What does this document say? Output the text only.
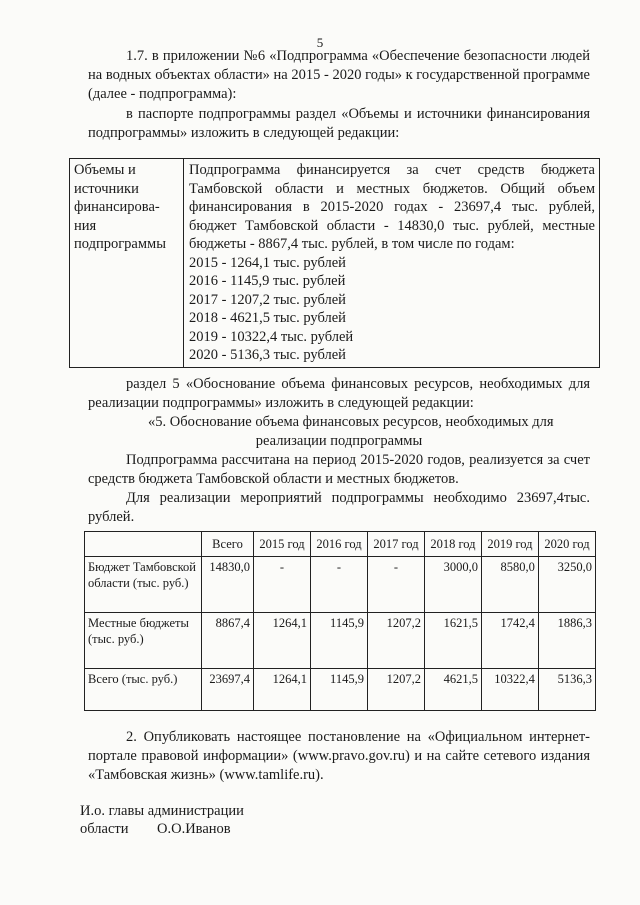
5
1.7. в приложении №6 «Подпрограмма «Обеспечение безопасности людей на водных объектах области» на 2015 - 2020 годы» к государственной программе (далее - подпрограмма):
в паспорте подпрограммы раздел «Объемы и источники финансирования подпрограммы» изложить в следующей редакции:
Объемы и источники финансирова-ния подпрограммы	
Подпрограмма финансируется за счет средств бюджета Тамбовской области и местных бюджетов. Общий объем финансирования в 2015-2020 годах - 23697,4 тыс. рублей, бюджет Тамбовской области - 14830,0 тыс. рублей, местные бюджеты - 8867,4 тыс. рублей, в том числе по годам:
2015 - 1264,1 тыс. рублей
2016 - 1145,9 тыс. рублей
2017 - 1207,2 тыс. рублей
2018 - 4621,5 тыс. рублей
2019 - 10322,4 тыс. рублей
2020 - 5136,3 тыс. рублей
раздел 5 «Обоснование объема финансовых ресурсов, необходимых для реализации подпрограммы» изложить в следующей редакции:
«5. Обоснование объема финансовых ресурсов, необходимых для
реализации подпрограммы
Подпрограмма рассчитана на период 2015-2020 годов, реализуется за счет средств бюджета Тамбовской области и местных бюджетов.
Для реализации мероприятий подпрограммы необходимо 23697,4тыс. рублей.
	Всего	2015 год	2016 год	2017 год	2018 год	2019 год	2020 год
Бюджет Тамбовской области (тыс. руб.)	14830,0	-	-	-	3000,0	8580,0	3250,0
Местные бюджеты (тыс. руб.)	8867,4	1264,1	1145,9	1207,2	1621,5	1742,4	1886,3
Всего (тыс. руб.)	23697,4	1264,1	1145,9	1207,2	4621,5	10322,4	5136,3
2. Опубликовать настоящее постановление на «Официальном интернет-портале правовой информации» (www.pravo.gov.ru) и на сайте сетевого издания «Тамбовская жизнь» (www.tamlife.ru).
И.о. главы администрации
области О.О.Иванов
